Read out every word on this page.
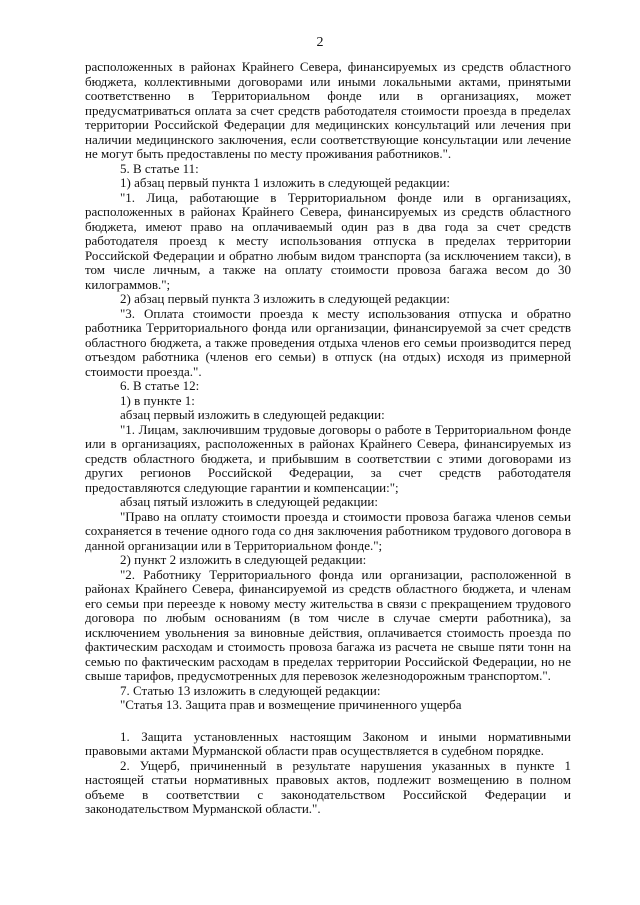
2

расположенных в районах Крайнего Севера, финансируемых из средств областного бюджета, коллективными договорами или иными локальными актами, принятыми соответственно в Территориальном фонде или в организациях, может предусматриваться оплата за счет средств работодателя стоимости проезда в пределах территории Российской Федерации для медицинских консультаций или лечения при наличии медицинского заключения, если соответствующие консультации или лечение не могут быть предоставлены по месту проживания работников.".

5. В статье 11:

1) абзац первый пункта 1 изложить в следующей редакции:

"1. Лица, работающие в Территориальном фонде или в организациях, расположенных в районах Крайнего Севера, финансируемых из средств областного бюджета, имеют право на оплачиваемый один раз в два года за счет средств работодателя проезд к месту использования отпуска в пределах территории Российской Федерации и обратно любым видом транспорта (за исключением такси), в том числе личным, а также на оплату стоимости провоза багажа весом до 30 килограммов.";

2) абзац первый пункта 3 изложить в следующей редакции:

"3. Оплата стоимости проезда к месту использования отпуска и обратно работника Территориального фонда или организации, финансируемой за счет средств областного бюджета, а также проведения отдыха членов его семьи производится перед отъездом работника (членов его семьи) в отпуск (на отдых) исходя из примерной стоимости проезда.".

6. В статье 12:

1) в пункте 1:

абзац первый изложить в следующей редакции:

"1. Лицам, заключившим трудовые договоры о работе в Территориальном фонде или в организациях, расположенных в районах Крайнего Севера, финансируемых из средств областного бюджета, и прибывшим в соответствии с этими договорами из других регионов Российской Федерации, за счет средств работодателя предоставляются следующие гарантии и компенсации:";

абзац пятый изложить в следующей редакции:

"Право на оплату стоимости проезда и стоимости провоза багажа членов семьи сохраняется в течение одного года со дня заключения работником трудового договора в данной организации или в Территориальном фонде.";

2) пункт 2 изложить в следующей редакции:

"2. Работнику Территориального фонда или организации, расположенной в районах Крайнего Севера, финансируемой из средств областного бюджета, и членам его семьи при переезде к новому месту жительства в связи с прекращением трудового договора по любым основаниям (в том числе в случае смерти работника), за исключением увольнения за виновные действия, оплачивается стоимость проезда по фактическим расходам и стоимость провоза багажа из расчета не свыше пяти тонн на семью по фактическим расходам в пределах территории Российской Федерации, но не свыше тарифов, предусмотренных для перевозок железнодорожным транспортом.".

7. Статью 13 изложить в следующей редакции:

"Статья 13. Защита прав и возмещение причиненного ущерба

1. Защита установленных настоящим Законом и иными нормативными правовыми актами Мурманской области прав осуществляется в судебном порядке.

2. Ущерб, причиненный в результате нарушения указанных в пункте 1 настоящей статьи нормативных правовых актов, подлежит возмещению в полном объеме в соответствии с законодательством Российской Федерации и законодательством Мурманской области.".
